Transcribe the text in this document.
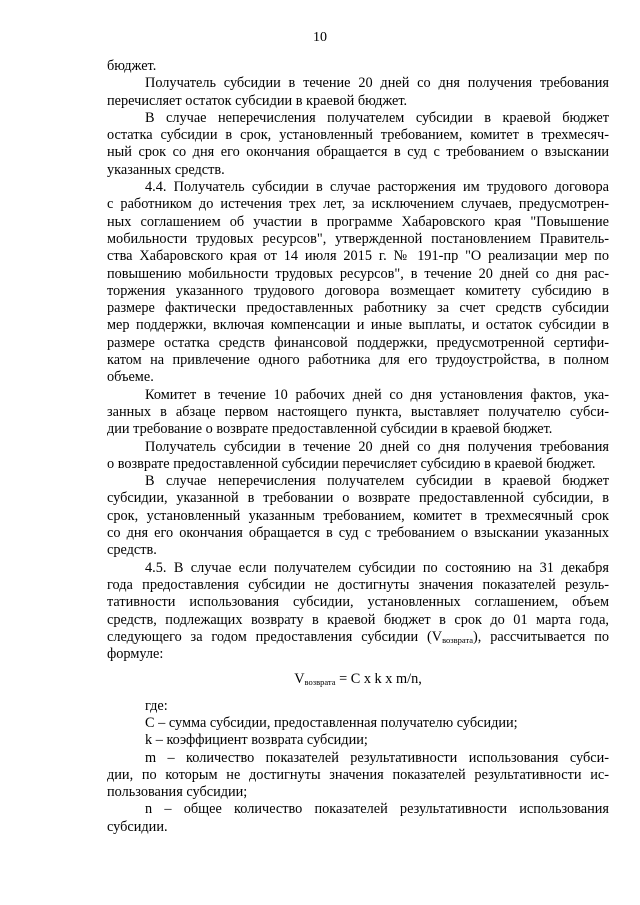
10
бюджет.
Получатель субсидии в течение 20 дней со дня получения требования
перечисляет остаток субсидии в краевой бюджет.
В случае неперечисления получателем субсидии в краевой бюджет
остатка субсидии в срок, установленный требованием, комитет в трехмесяч-
ный срок со дня его окончания обращается в суд с требованием о взыскании
указанных средств.
4.4. Получатель субсидии в случае расторжения им трудового договора
с работником до истечения трех лет, за исключением случаев, предусмотрен-
ных соглашением об участии в программе Хабаровского края "Повышение
мобильности трудовых ресурсов", утвержденной постановлением Правитель-
ства Хабаровского края от 14 июля 2015 г. № 191-пр "О реализации мер по
повышению мобильности трудовых ресурсов", в течение 20 дней со дня рас-
торжения указанного трудового договора возмещает комитету субсидию в
размере фактически предоставленных работнику за счет средств субсидии
мер поддержки, включая компенсации и иные выплаты, и остаток субсидии в
размере остатка средств финансовой поддержки, предусмотренной сертифи-
катом на привлечение одного работника для его трудоустройства, в полном
объеме.
Комитет в течение 10 рабочих дней со дня установления фактов, ука-
занных в абзаце первом настоящего пункта, выставляет получателю субси-
дии требование о возврате предоставленной субсидии в краевой бюджет.
Получатель субсидии в течение 20 дней со дня получения требования
о возврате предоставленной субсидии перечисляет субсидию в краевой бюджет.
В случае неперечисления получателем субсидии в краевой бюджет
субсидии, указанной в требовании о возврате предоставленной субсидии, в
срок, установленный указанным требованием, комитет в трехмесячный срок
со дня его окончания обращается в суд с требованием о взыскании указанных
средств.
4.5. В случае если получателем субсидии по состоянию на 31 декабря
года предоставления субсидии не достигнуты значения показателей резуль-
тативности использования субсидии, установленных соглашением, объем
средств, подлежащих возврату в краевой бюджет в срок до 01 марта года,
следующего за годом предоставления субсидии $(V_{возврата})$, рассчитывается по
формуле:
$V_{возврата} = C$ x k x m/n,
где:
C – сумма субсидии, предоставленная получателю субсидии;
k – коэффициент возврата субсидии;
m – количество показателей результативности использования субси-
дии, по которым не достигнуты значения показателей результативности ис-
пользования субсидии;
n – общее количество показателей результативности использования
субсидии.
